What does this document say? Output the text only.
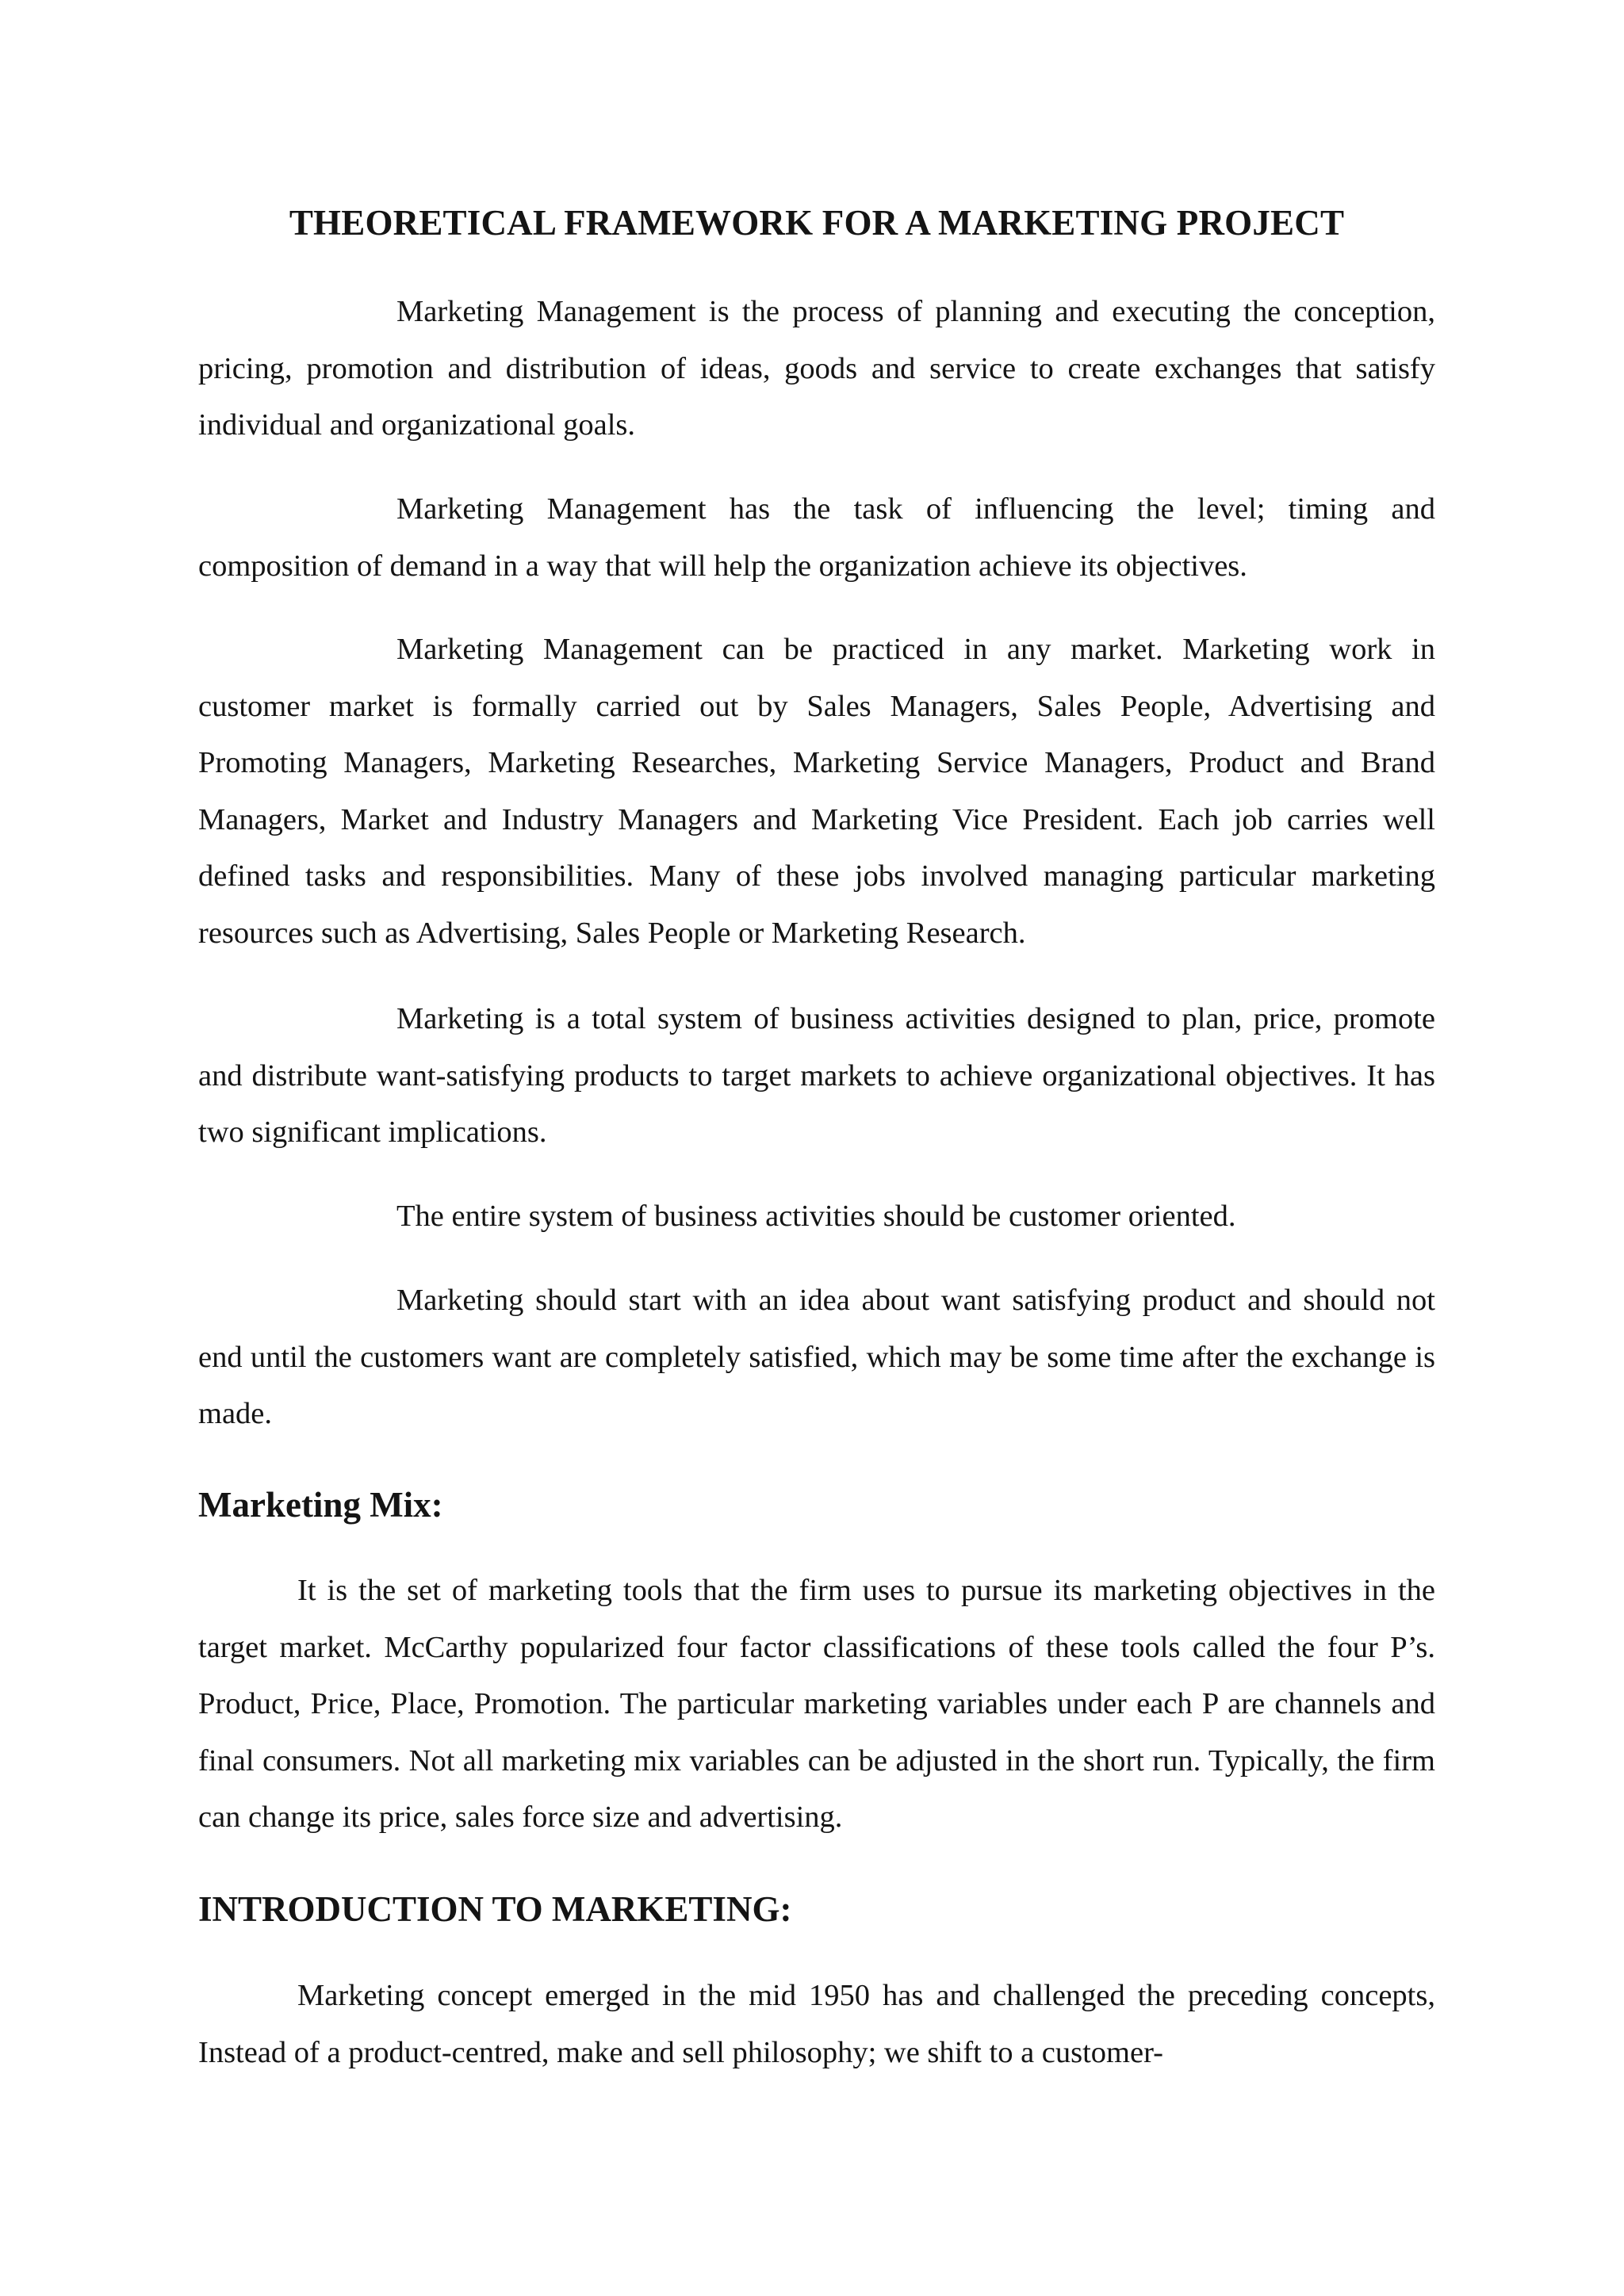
THEORETICAL FRAMEWORK FOR A MARKETING PROJECT

Marketing Management is the process of planning and executing the conception, pricing, promotion and distribution of ideas, goods and service to create exchanges that satisfy individual and organizational goals.

Marketing Management has the task of influencing the level; timing and composition of demand in a way that will help the organization achieve its objectives.

Marketing Management can be practiced in any market. Marketing work in customer market is formally carried out by Sales Managers, Sales People, Advertising and Promoting Managers, Marketing Researches, Marketing Service Managers, Product and Brand Managers, Market and Industry Managers and Marketing Vice President. Each job carries well defined tasks and responsibilities. Many of these jobs involved managing particular marketing resources such as Advertising, Sales People or Marketing Research.

Marketing is a total system of business activities designed to plan, price, promote and distribute want-satisfying products to target markets to achieve organizational objectives. It has two significant implications.

The entire system of business activities should be customer oriented.

Marketing should start with an idea about want satisfying product and should not end until the customers want are completely satisfied, which may be some time after the exchange is made.

Marketing Mix:

It is the set of marketing tools that the firm uses to pursue its marketing objectives in the target market. McCarthy popularized four factor classifications of these tools called the four P’s. Product, Price, Place, Promotion. The particular marketing variables under each P are channels and final consumers. Not all marketing mix variables can be adjusted in the short run. Typically, the firm can change its price, sales force size and advertising.

INTRODUCTION TO MARKETING:

Marketing concept emerged in the mid 1950 has and challenged the preceding concepts, Instead of a product-centred, make and sell philosophy; we shift to a customer-
